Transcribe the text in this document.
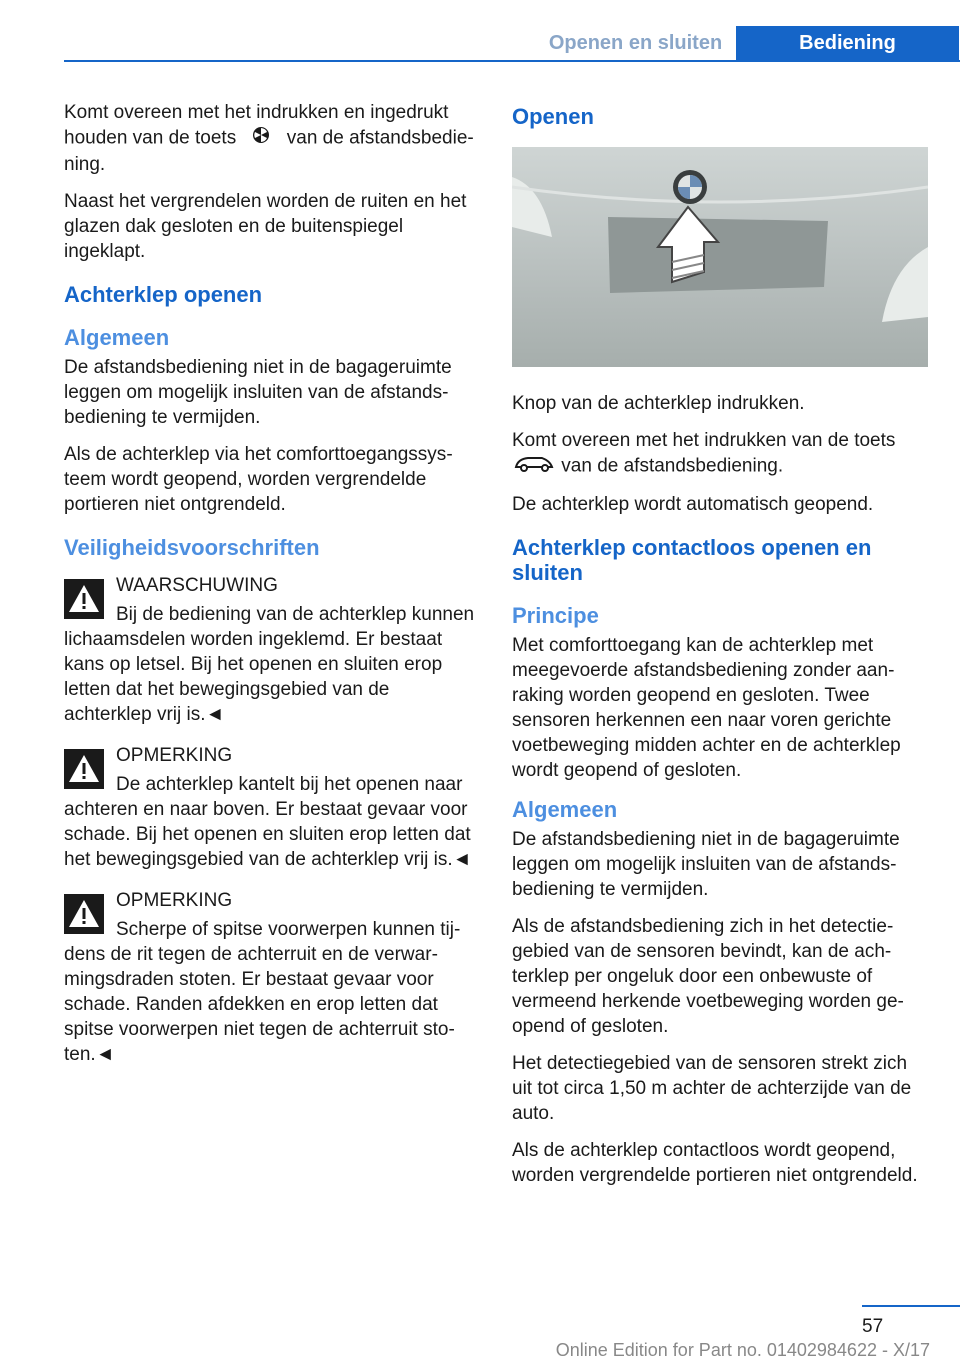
Openen en sluiten	Bediening

Komt overeen met het indrukken en ingedrukt houden van de toets	van de afstandsbediening.

Naast het vergrendelen worden de ruiten en het glazen dak gesloten en de buitenspiegel ingeklapt.

Achterklep openen
Algemeen

De afstandsbediening niet in de bagageruimte leggen om mogelijk insluiten van de afstandsbediening te vermijden.

Als de achterklep via het comforttoegangssysteem wordt geopend, worden vergrendelde portieren niet ontgrendeld.

Veiligheidsvoorschriften
WAARSCHUWING
Bij de bediening van de achterklep kunnen lichaamsdelen worden ingeklemd. Er bestaat kans op letsel. Bij het openen en sluiten erop letten dat het bewegingsgebied van de achterklep vrij is.◄
OPMERKING
De achterklep kantelt bij het openen naar achteren en naar boven. Er bestaat gevaar voor schade. Bij het openen en sluiten erop letten dat het bewegingsgebied van de achterklep vrij is.◄
OPMERKING
Scherpe of spitse voorwerpen kunnen tijdens de rit tegen de achterruit en de verwarmingsdraden stoten. Er bestaat gevaar voor schade. Randen afdekken en erop letten dat spitse voorwerpen niet tegen de achterruit stoten.◄
Openen

Knop van de achterklep indrukken.

Komt overeen met het indrukken van de toets
van de afstandsbediening.

De achterklep wordt automatisch geopend.

Achterklep contactloos openen en sluiten
Principe

Met comforttoegang kan de achterklep met meegevoerde afstandsbediening zonder aanraking worden geopend en gesloten. Twee sensoren herkennen een naar voren gerichte voetbeweging midden achter en de achterklep wordt geopend of gesloten.

Algemeen

De afstandsbediening niet in de bagageruimte leggen om mogelijk insluiten van de afstandsbediening te vermijden.

Als de afstandsbediening zich in het detectiegebied van de sensoren bevindt, kan de achterklep per ongeluk door een onbewuste of vermeend herkende voetbeweging worden geopend of gesloten.

Het detectiegebied van de sensoren strekt zich uit tot circa 1,50 m achter de achterzijde van de auto.

Als de achterklep contactloos wordt geopend, worden vergrendelde portieren niet ontgrendeld.

57
Online Edition for Part no. 01402984622 - X/17
